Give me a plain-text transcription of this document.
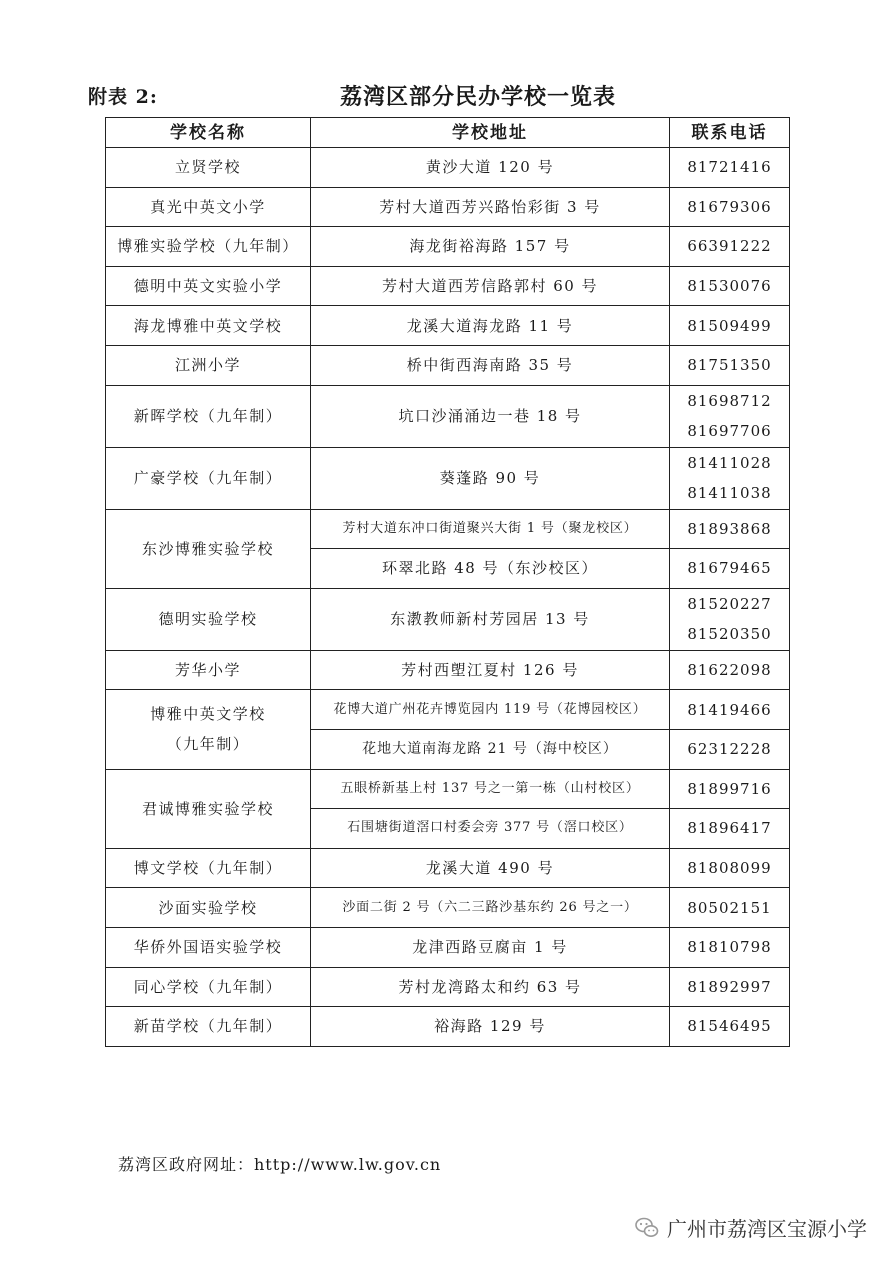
附表 2:	荔湾区部分民办学校一览表
学校名称	学校地址	联系电话
立贤学校	黄沙大道 120 号	81721416
真光中英文小学	芳村大道西芳兴路怡彩街 3 号	81679306
博雅实验学校（九年制）	海龙街裕海路 157 号	66391222
德明中英文实验小学	芳村大道西芳信路郭村 60 号	81530076
海龙博雅中英文学校	龙溪大道海龙路 11 号	81509499
江洲小学	桥中街西海南路 35 号	81751350
新晖学校（九年制）	坑口沙涌涌边一巷 18 号	81698712
81697706

广豪学校（九年制）	葵蓬路 90 号	81411028
81411038

东沙博雅实验学校	芳村大道东冲口街道聚兴大街 1 号（聚龙校区）	81893868
	环翠北路 48 号（东沙校区）	81679465
德明实验学校	东漖教师新村芳园居 13 号	81520227
81520350

芳华小学	芳村西塱江夏村 126 号	81622098

博雅中英文学校
（九年制）	花博大道广州花卉博览园内 119 号（花博园校区）	81419466
	花地大道南海龙路 21 号（海中校区）	62312228
君诚博雅实验学校	五眼桥新基上村 137 号之一第一栋（山村校区）	81899716
	石围塘街道滘口村委会旁 377 号（滘口校区）	81896417
博文学校（九年制）	龙溪大道 490 号	81808099
沙面实验学校	沙面二街 2 号（六二三路沙基东约 26 号之一）	80502151
华侨外国语实验学校	龙津西路豆腐亩 1 号	81810798
同心学校（九年制）	芳村龙湾路太和约 63 号	81892997
新苗学校（九年制）	裕海路 129 号	81546495
荔湾区政府网址：http://www.lw.gov.cn
广州市荔湾区宝源小学
